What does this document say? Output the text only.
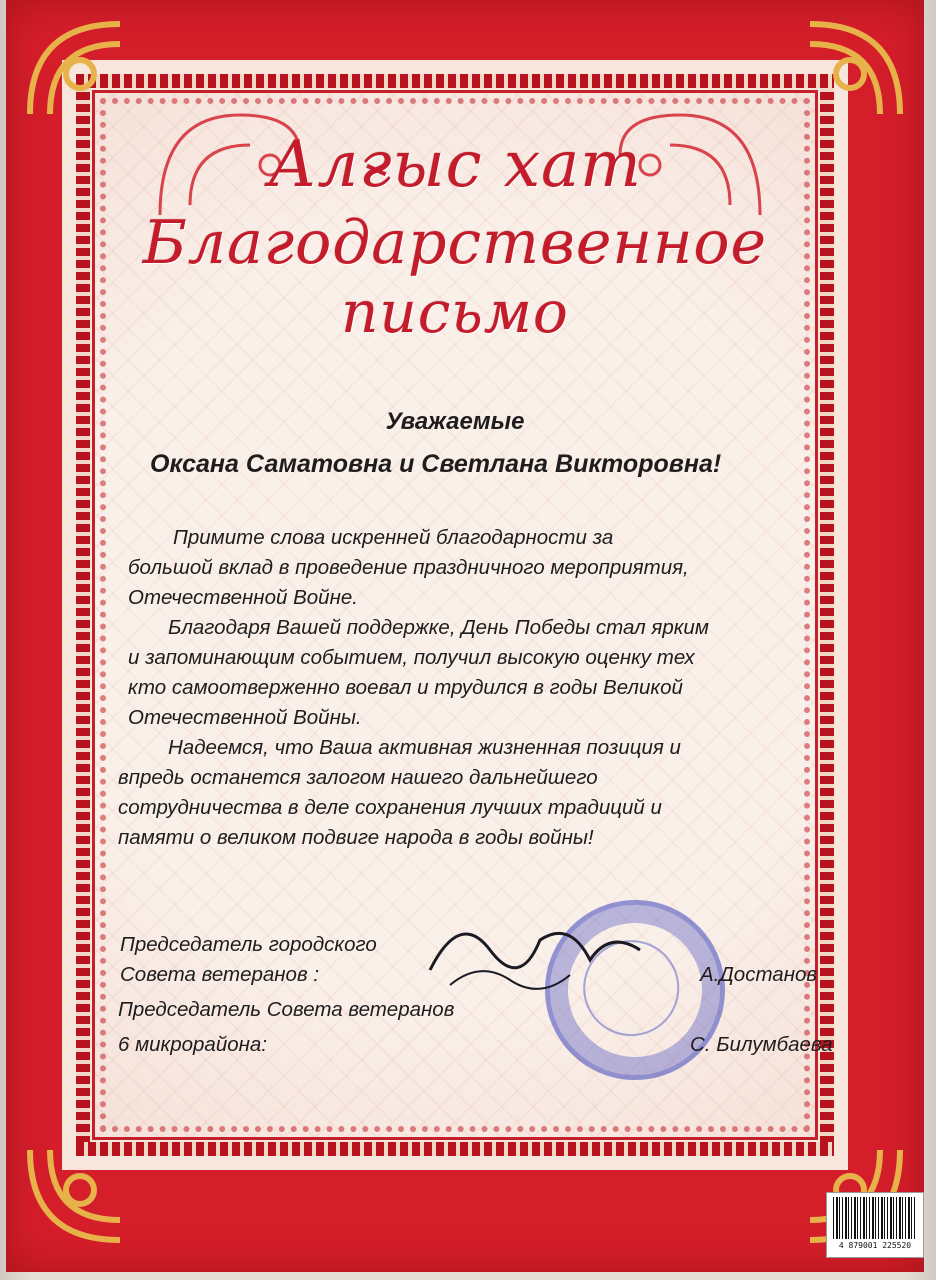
Алғыс хат
Благодарственное
письмо
Уважаемые
Оксана Саматовна и Светлана Викторовна!
Примите слова искренней благодарности за
большой вклад в проведение праздничного мероприятия,
Отечественной Войне.
Благодаря Вашей поддержке, День Победы стал ярким
и запоминающим событием, получил высокую оценку тех
кто самоотверженно воевал и трудился в годы Великой
Отечественной Войны.
Надеемся, что Ваша активная жизненная позиция и
впредь останется залогом нашего дальнейшего
сотрудничества в деле сохранения лучших традиций и
памяти о великом подвиге народа в годы войны!
Председатель городского
Совета ветеранов :	А.Достанов
Председатель Совета ветеранов
6 микрорайона:	С. Билумбаева
4 879001 225520
